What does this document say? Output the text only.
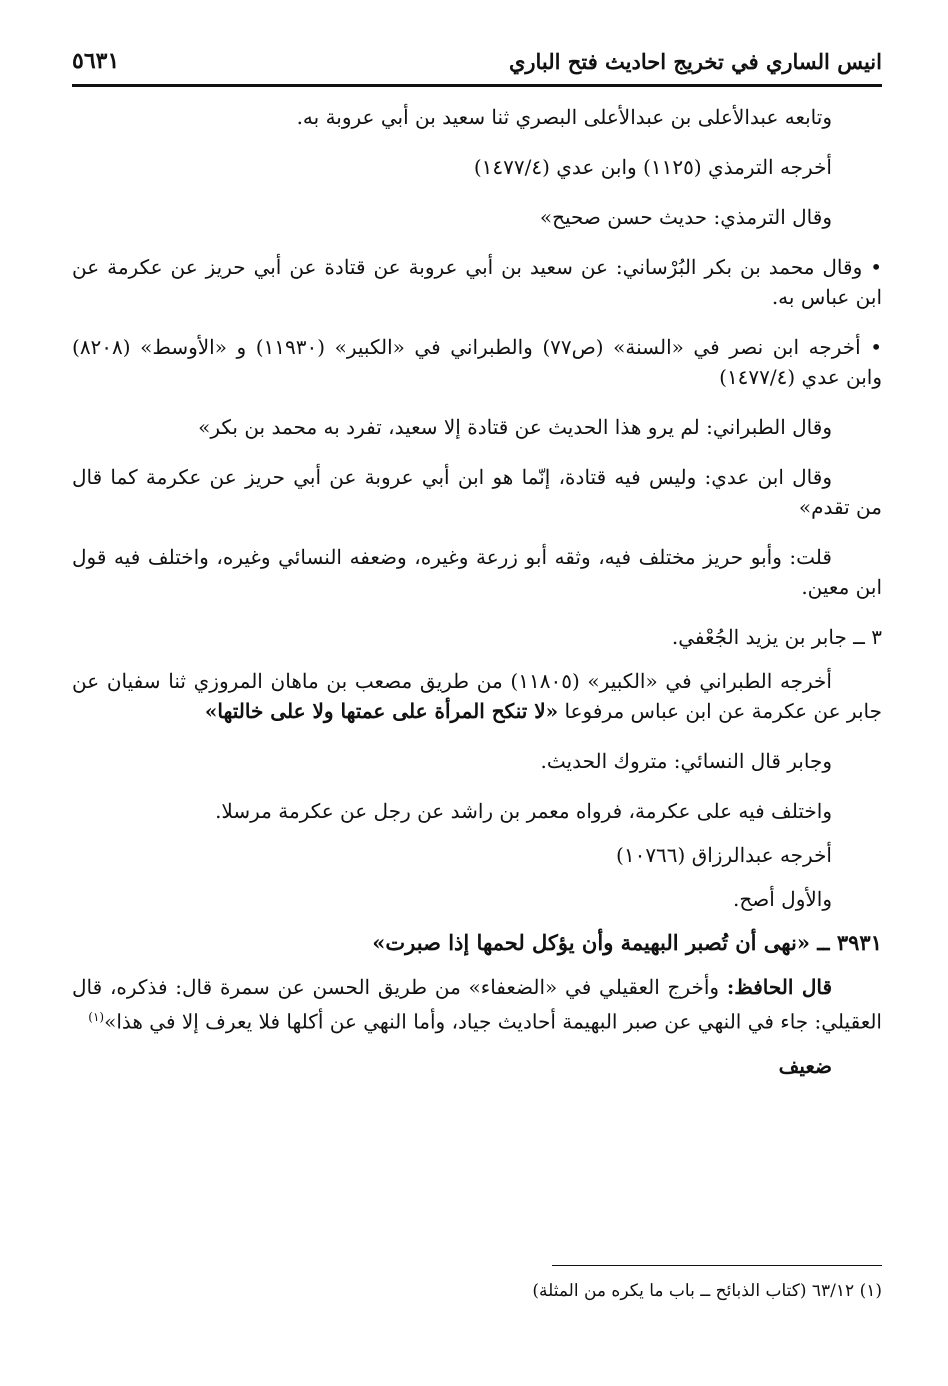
انيس الساري في تخريج احاديث فتح الباري
٥٦٣١

وتابعه عبدالأعلى بن عبدالأعلى البصري ثنا سعيد بن أبي عروبة به.

أخرجه الترمذي (١١٢٥) وابن عدي (١٤٧٧/٤)

وقال الترمذي: حديث حسن صحيح»

• وقال محمد بن بكر البُرْساني: عن سعيد بن أبي عروبة عن قتادة عن أبي حريز عن عكرمة عن ابن عباس به.

• أخرجه ابن نصر في «السنة» (ص٧٧) والطبراني في «الكبير» (١١٩٣٠) و «الأوسط» (٨٢٠٨) وابن عدي (١٤٧٧/٤)

وقال الطبراني: لم يرو هذا الحديث عن قتادة إلا سعيد، تفرد به محمد بن بكر»

وقال ابن عدي: وليس فيه قتادة، إنّما هو ابن أبي عروبة عن أبي حريز عن عكرمة كما قال من تقدم»

قلت: وأبو حريز مختلف فيه، وثقه أبو زرعة وغيره، وضعفه النسائي وغيره، واختلف فيه قول ابن معين.

٣ ــ جابر بن يزيد الجُعْفي.

أخرجه الطبراني في «الكبير» (١١٨٠٥) من طريق مصعب بن ماهان المروزي ثنا سفيان عن جابر عن عكرمة عن ابن عباس مرفوعا «لا تنكح المرأة على عمتها ولا على خالتها»

وجابر قال النسائي: متروك الحديث.

واختلف فيه على عكرمة، فرواه معمر بن راشد عن رجل عن عكرمة مرسلا.

أخرجه عبدالرزاق (١٠٧٦٦)

والأول أصح.

٣٩٣١ ــ «نهى أن تُصبر البهيمة وأن يؤكل لحمها إذا صبرت»

قال الحافظ: وأخرج العقيلي في «الضعفاء» من طريق الحسن عن سمرة قال: فذكره، قال العقيلي: جاء في النهي عن صبر البهيمة أحاديث جياد، وأما النهي عن أكلها فلا يعرف إلا في هذا»$^{(١)}$

ضعيف

(١) ٦٣/١٢ (كتاب الذبائح ــ باب ما يكره من المثلة)
